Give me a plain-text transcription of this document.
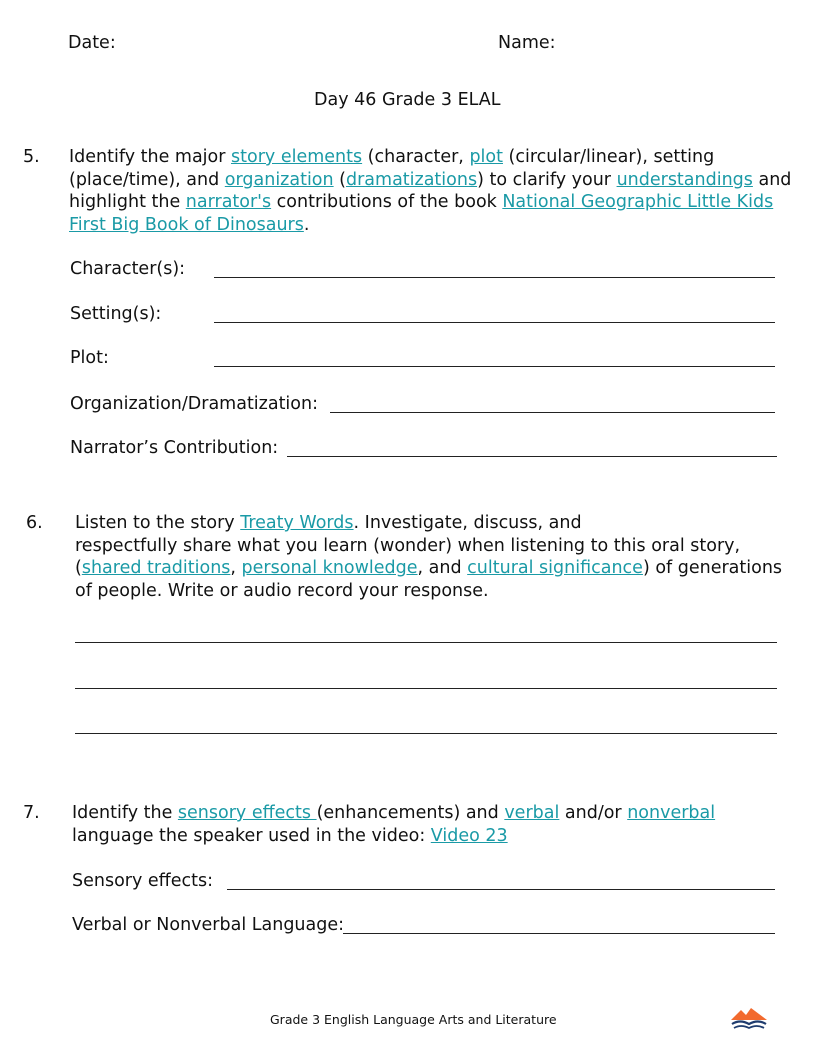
Date:	Name:
Day 46 Grade 3 ELAL
5. Identify the major story elements (character, plot (circular/linear), setting
(place/time), and organization (dramatizations) to clarify your understandings and
highlight the narrator's contributions of the book National Geographic Little Kids
First Big Book of Dinosaurs.
Character(s):
Setting(s):
Plot:
Organization/Dramatization:
Narrator’s Contribution:
6. Listen to the story Treaty Words. Investigate, discuss, and
respectfully share what you learn (wonder) when listening to this oral story,
(shared traditions, personal knowledge, and cultural significance) of generations
of people. Write or audio record your response.
7. Identify the sensory effects (enhancements) and verbal and/or nonverbal
language the speaker used in the video: Video 23
Sensory effects:
Verbal or Nonverbal Language:
Grade 3 English Language Arts and Literature
